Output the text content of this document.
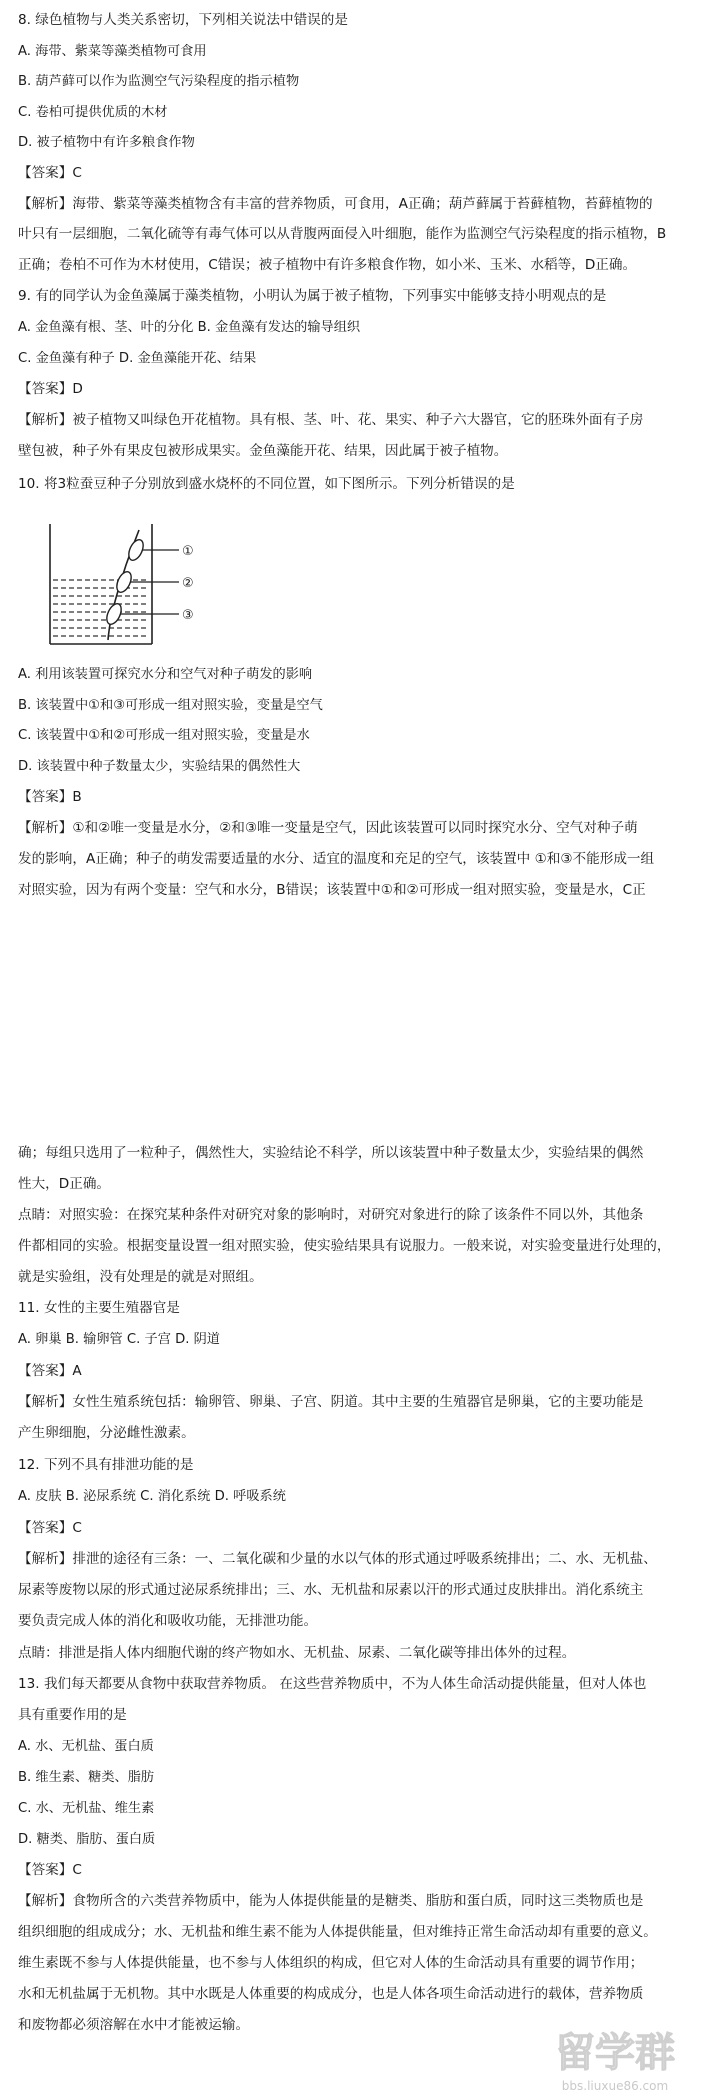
8. 绿色植物与人类关系密切，下列相关说法中错误的是
A. 海带、紫菜等藻类植物可食用
B. 葫芦藓可以作为监测空气污染程度的指示植物
C. 卷柏可提供优质的木材
D. 被子植物中有许多粮食作物
【答案】C
【解析】海带、紫菜等藻类植物含有丰富的营养物质，可食用，A正确；葫芦藓属于苔藓植物，苔藓植物的
叶只有一层细胞，二氧化硫等有毒气体可以从背腹两面侵入叶细胞，能作为监测空气污染程度的指示植物，B
正确；卷柏不可作为木材使用，C错误；被子植物中有许多粮食作物，如小米、玉米、水稻等，D正确。
9. 有的同学认为金鱼藻属于藻类植物，小明认为属于被子植物，下列事实中能够支持小明观点的是
A. 金鱼藻有根、茎、叶的分化 B. 金鱼藻有发达的输导组织
C. 金鱼藻有种子 D. 金鱼藻能开花、结果
【答案】D
【解析】被子植物又叫绿色开花植物。具有根、茎、叶、花、果实、种子六大器官，它的胚珠外面有子房
壁包被，种子外有果皮包被形成果实。金鱼藻能开花、结果，因此属于被子植物。
10. 将3粒蚕豆种子分别放到盛水烧杯的不同位置，如下图所示。下列分析错误的是
①
②
③
A. 利用该装置可探究水分和空气对种子萌发的影响
B. 该装置中①和③可形成一组对照实验，变量是空气
C. 该装置中①和②可形成一组对照实验，变量是水
D. 该装置中种子数量太少，实验结果的偶然性大
【答案】B
【解析】①和②唯一变量是水分，②和③唯一变量是空气，因此该装置可以同时探究水分、空气对种子萌
发的影响，A正确；种子的萌发需要适量的水分、适宜的温度和充足的空气，该装置中 ①和③不能形成一组
对照实验，因为有两个变量：空气和水分，B错误；该装置中①和②可形成一组对照实验，变量是水，C正
确；每组只选用了一粒种子，偶然性大，实验结论不科学，所以该装置中种子数量太少，实验结果的偶然
性大，D正确。
点睛：对照实验：在探究某种条件对研究对象的影响时，对研究对象进行的除了该条件不同以外，其他条
件都相同的实验。根据变量设置一组对照实验，使实验结果具有说服力。一般来说，对实验变量进行处理的，
就是实验组，没有处理是的就是对照组。
11. 女性的主要生殖器官是
A. 卵巢 B. 输卵管 C. 子宫 D. 阴道
【答案】A
【解析】女性生殖系统包括：输卵管、卵巢、子宫、阴道。其中主要的生殖器官是卵巢，它的主要功能是
产生卵细胞，分泌雌性激素。
12. 下列不具有排泄功能的是
A. 皮肤 B. 泌尿系统 C. 消化系统 D. 呼吸系统
【答案】C
【解析】排泄的途径有三条：一、二氧化碳和少量的水以气体的形式通过呼吸系统排出；二、水、无机盐、
尿素等废物以尿的形式通过泌尿系统排出；三、水、无机盐和尿素以汗的形式通过皮肤排出。消化系统主
要负责完成人体的消化和吸收功能，无排泄功能。
点睛：排泄是指人体内细胞代谢的终产物如水、无机盐、尿素、二氧化碳等排出体外的过程。
13. 我们每天都要从食物中获取营养物质。 在这些营养物质中，不为人体生命活动提供能量，但对人体也
具有重要作用的是
A. 水、无机盐、蛋白质
B. 维生素、糖类、脂肪
C. 水、无机盐、维生素
D. 糖类、脂肪、蛋白质
【答案】C
【解析】食物所含的六类营养物质中，能为人体提供能量的是糖类、脂肪和蛋白质，同时这三类物质也是
组织细胞的组成成分；水、无机盐和维生素不能为人体提供能量，但对维持正常生命活动却有重要的意义。
维生素既不参与人体提供能量，也不参与人体组织的构成，但它对人体的生命活动具有重要的调节作用；
水和无机盐属于无机物。其中水既是人体重要的构成成分，也是人体各项生命活动进行的载体，营养物质
和废物都必须溶解在水中才能被运输。
留学群
bbs.liuxue86.com
